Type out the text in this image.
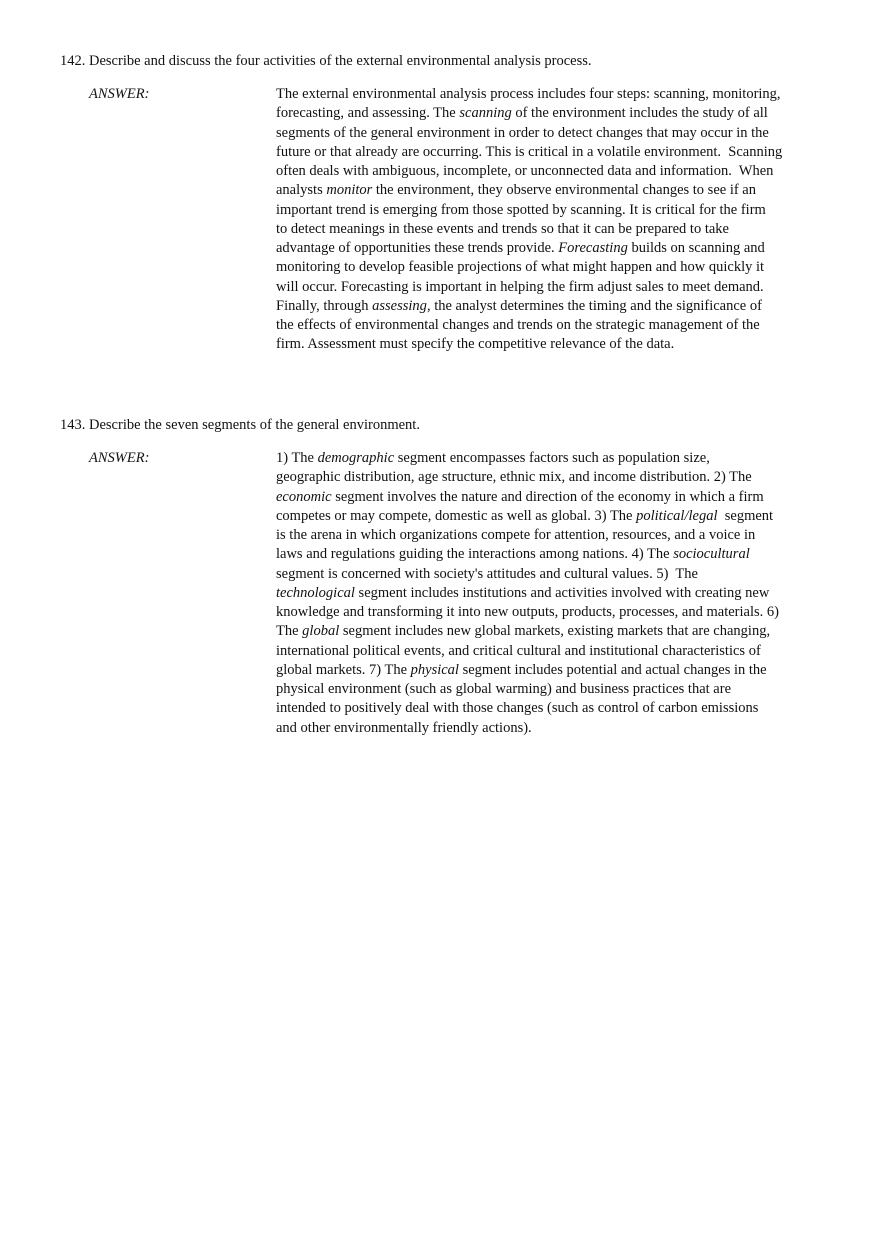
142. Describe and discuss the four activities of the external environmental analysis process.
ANSWER:	The external environmental analysis process includes four steps: scanning, monitoring,
forecasting, and assessing. The scanning of the environment includes the study of all
segments of the general environment in order to detect changes that may occur in the
future or that already are occurring. This is critical in a volatile environment.  Scanning
often deals with ambiguous, incomplete, or unconnected data and information.  When
analysts monitor the environment, they observe environmental changes to see if an
important trend is emerging from those spotted by scanning. It is critical for the firm
to detect meanings in these events and trends so that it can be prepared to take
advantage of opportunities these trends provide. Forecasting builds on scanning and
monitoring to develop feasible projections of what might happen and how quickly it
will occur. Forecasting is important in helping the firm adjust sales to meet demand.
Finally, through assessing, the analyst determines the timing and the significance of
the effects of environmental changes and trends on the strategic management of the
firm. Assessment must specify the competitive relevance of the data.
143. Describe the seven segments of the general environment.
ANSWER:	1) The demographic segment encompasses factors such as population size,
geographic distribution, age structure, ethnic mix, and income distribution. 2) The
economic segment involves the nature and direction of the economy in which a firm
competes or may compete, domestic as well as global. 3) The political/legal  segment
is the arena in which organizations compete for attention, resources, and a voice in
laws and regulations guiding the interactions among nations. 4) The sociocultural
segment is concerned with society's attitudes and cultural values. 5)  The
technological segment includes institutions and activities involved with creating new
knowledge and transforming it into new outputs, products, processes, and materials. 6)
The global segment includes new global markets, existing markets that are changing,
international political events, and critical cultural and institutional characteristics of
global markets. 7) The physical segment includes potential and actual changes in the
physical environment (such as global warming) and business practices that are
intended to positively deal with those changes (such as control of carbon emissions
and other environmentally friendly actions).
